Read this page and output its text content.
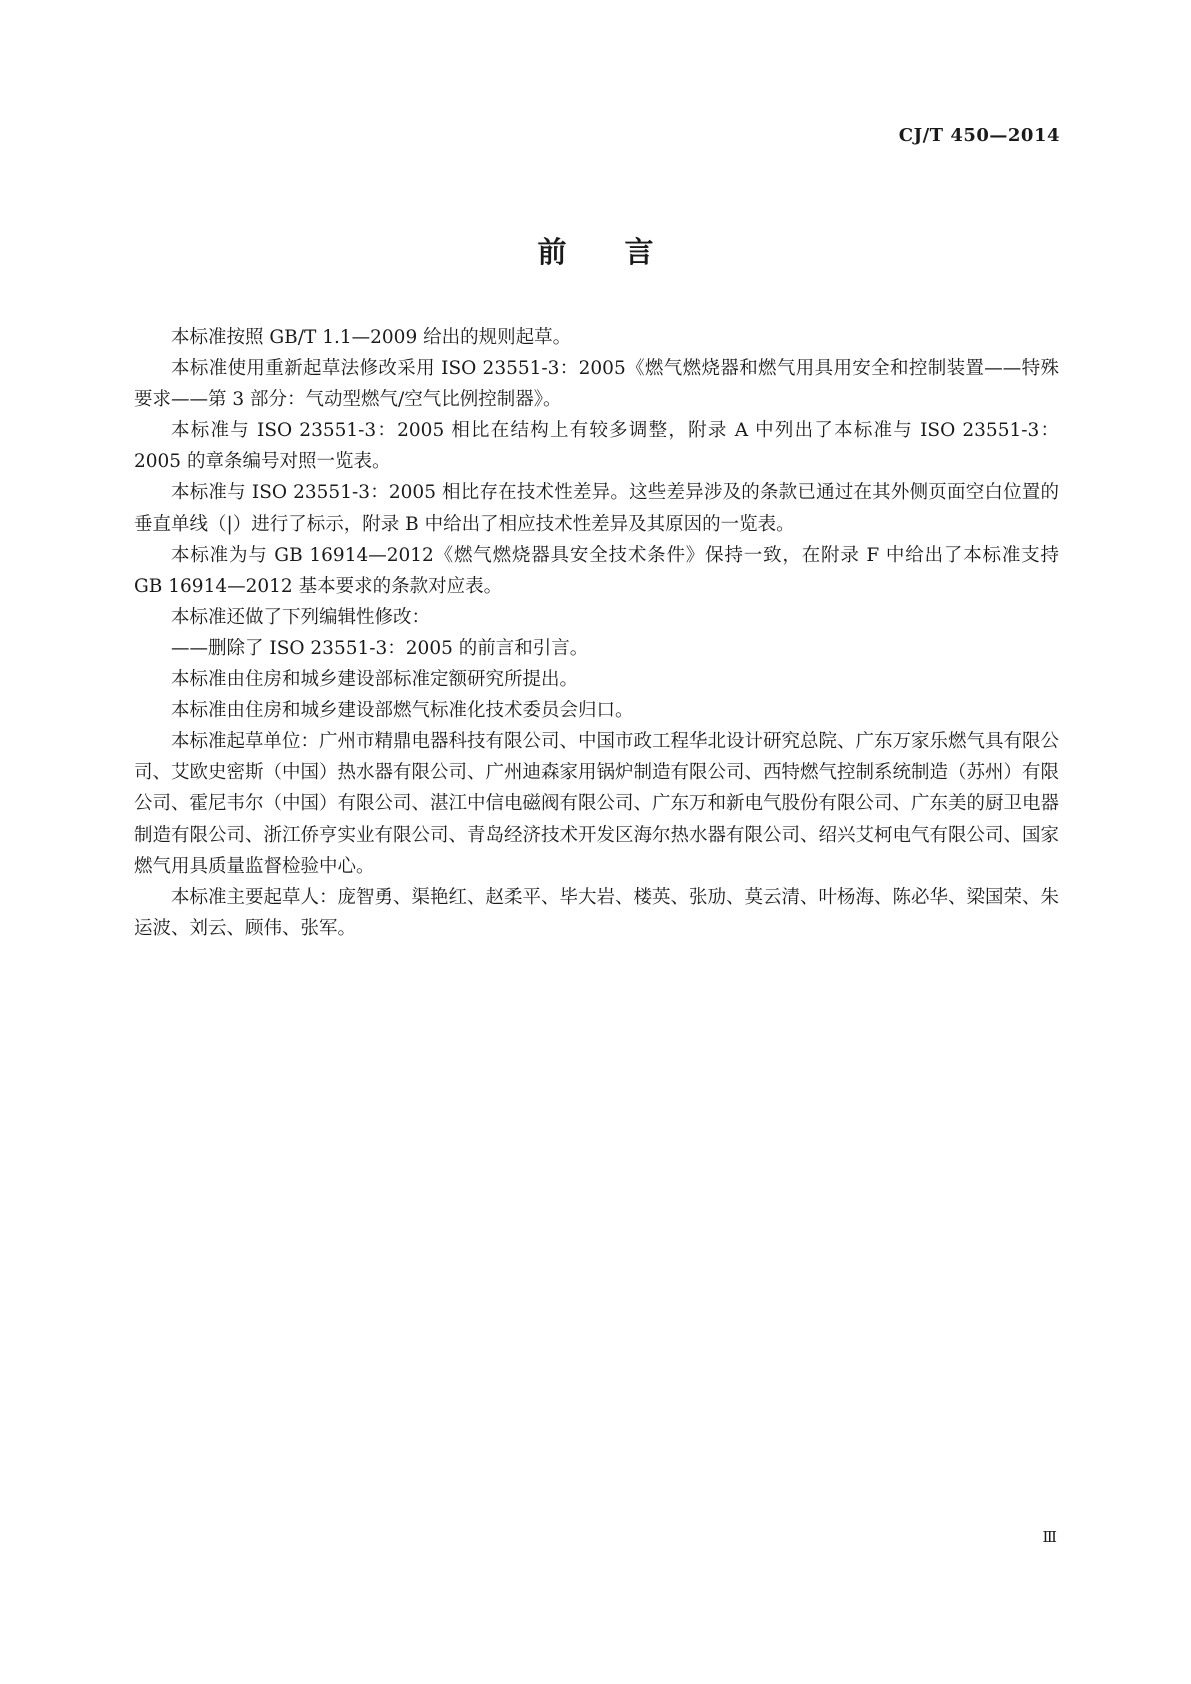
CJ/T 450—2014
前言

本标准按照 GB/T 1.1—2009 给出的规则起草。

本标准使用重新起草法修改采用 ISO 23551-3：2005《燃气燃烧器和燃气用具用安全和控制装置——特殊要求——第 3 部分：气动型燃气/空气比例控制器》。

本标准与 ISO 23551-3：2005 相比在结构上有较多调整，附录 A 中列出了本标准与 ISO 23551-3：2005 的章条编号对照一览表。

本标准与 ISO 23551-3：2005 相比存在技术性差异。这些差异涉及的条款已通过在其外侧页面空白位置的垂直单线（|）进行了标示，附录 B 中给出了相应技术性差异及其原因的一览表。

本标准为与 GB 16914—2012《燃气燃烧器具安全技术条件》保持一致，在附录 F 中给出了本标准支持 GB 16914—2012 基本要求的条款对应表。

本标准还做了下列编辑性修改：

——删除了 ISO 23551-3：2005 的前言和引言。

本标准由住房和城乡建设部标准定额研究所提出。

本标准由住房和城乡建设部燃气标准化技术委员会归口。

本标准起草单位：广州市精鼎电器科技有限公司、中国市政工程华北设计研究总院、广东万家乐燃气具有限公司、艾欧史密斯（中国）热水器有限公司、广州迪森家用锅炉制造有限公司、西特燃气控制系统制造（苏州）有限公司、霍尼韦尔（中国）有限公司、湛江中信电磁阀有限公司、广东万和新电气股份有限公司、广东美的厨卫电器制造有限公司、浙江侨亨实业有限公司、青岛经济技术开发区海尔热水器有限公司、绍兴艾柯电气有限公司、国家燃气用具质量监督检验中心。

本标准主要起草人：庞智勇、渠艳红、赵柔平、毕大岩、楼英、张劢、莫云清、叶杨海、陈必华、梁国荣、朱运波、刘云、顾伟、张军。

Ⅲ
